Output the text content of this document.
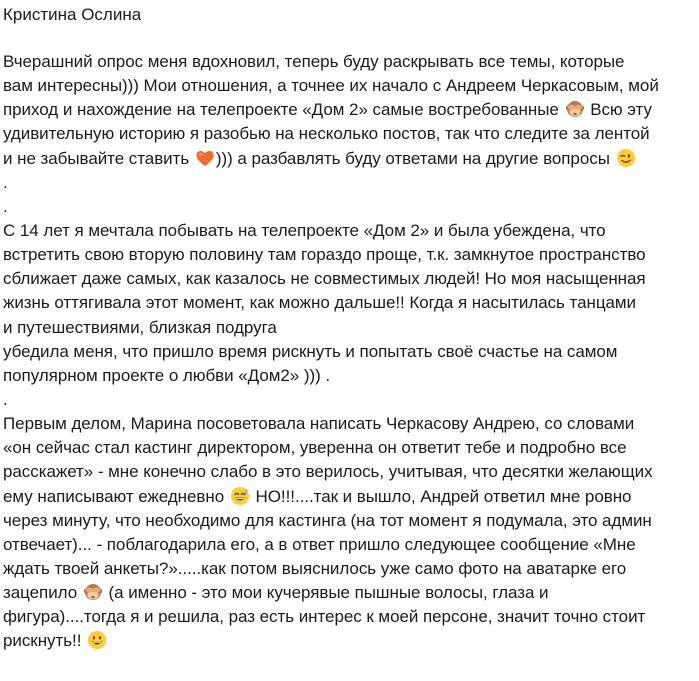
Кристина Ослина
Вчерашний опрос меня вдохновил, теперь буду раскрывать все темы, которые
вам интересны))) Мои отношения, а точнее их начало с Андреем Черкасовым, мой
приход и нахождение на телепроекте «Дом 2» самые востребованные Всю эту
удивительную историю я разобью на несколько постов, так что следите за лентой
и не забывайте ставить ))) а разбавлять буду ответами на другие вопросы
.
.
С 14 лет я мечтала побывать на телепроекте «Дом 2» и была убеждена, что
встретить свою вторую половину там гораздо проще, т.к. замкнутое пространство
сближает даже самых, как казалось не совместимых людей! Но моя насыщенная
жизнь оттягивала этот момент, как можно дальше!! Когда я насытилась танцами
и путешествиями, близкая подруга
убедила меня, что пришло время рискнуть и попытать своё счастье на самом
популярном проекте о любви «Дом2» ))) .
.
Первым делом, Марина посоветовала написать Черкасову Андрею, со словами
«он сейчас стал кастинг директором, уверенна он ответит тебе и подробно все
расскажет» - мне конечно слабо в это верилось, учитывая, что десятки желающих
ему написывают ежедневно НО!!!....так и вышло, Андрей ответил мне ровно
через минуту, что необходимо для кастинга (на тот момент я подумала, это админ
отвечает)... - поблагодарила его, а в ответ пришло следующее сообщение «Мне
ждать твоей анкеты?».....как потом выяснилось уже само фото на аватарке его
зацепило (а именно - это мои кучерявые пышные волосы, глаза и
фигура)....тогда я и решила, раз есть интерес к моей персоне, значит точно стоит
рискнуть!!
